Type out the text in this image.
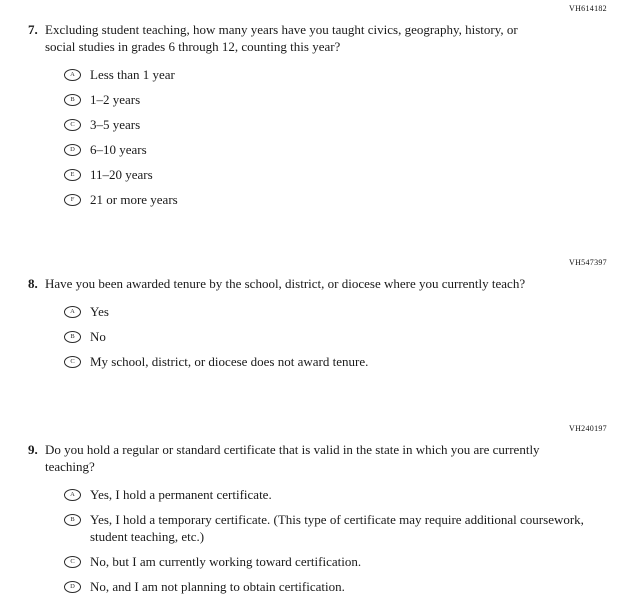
VH614182
7. Excluding student teaching, how many years have you taught civics, geography, history, or social studies in grades 6 through 12, counting this year?
A Less than 1 year
B 1–2 years
C 3–5 years
D 6–10 years
E 11–20 years
F 21 or more years
VH547397
8. Have you been awarded tenure by the school, district, or diocese where you currently teach?
A Yes
B No
C My school, district, or diocese does not award tenure.
VH240197
9. Do you hold a regular or standard certificate that is valid in the state in which you are currently teaching?
A Yes, I hold a permanent certificate.
B Yes, I hold a temporary certificate. (This type of certificate may require additional coursework, student teaching, etc.)
C No, but I am currently working toward certification.
D No, and I am not planning to obtain certification.
